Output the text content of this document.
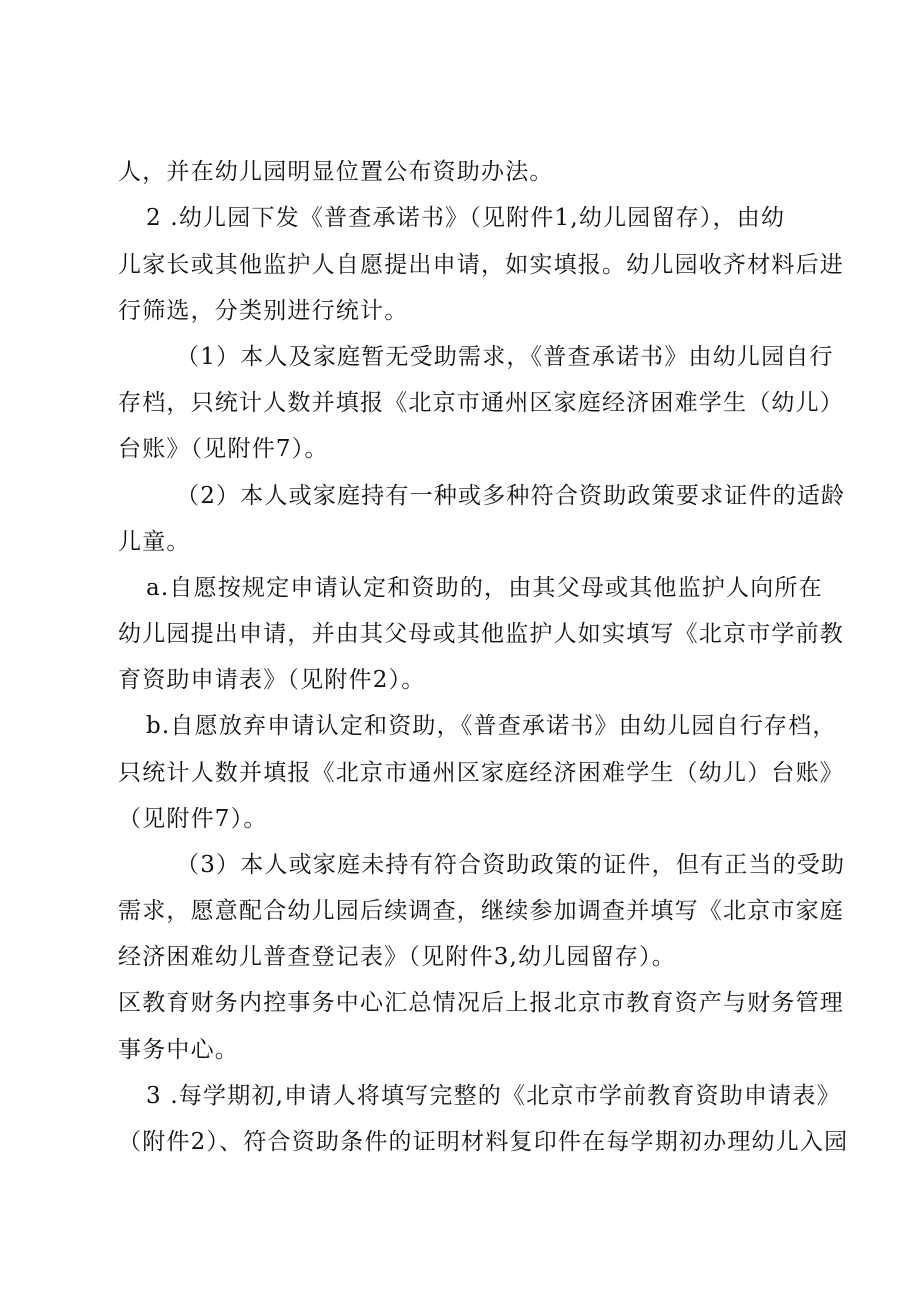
人，并在幼儿园明显位置公布资助办法。
2 .幼儿园下发《普查承诺书》（见附件1,幼儿园留存），由幼
儿家长或其他监护人自愿提出申请，如实填报。幼儿园收齐材料后进
行筛选，分类别进行统计。
（1）本人及家庭暂无受助需求，《普查承诺书》由幼儿园自行
存档，只统计人数并填报《北京市通州区家庭经济困难学生（幼儿）
台账》（见附件7）。
（2）本人或家庭持有一种或多种符合资助政策要求证件的适龄
儿童。
a.自愿按规定申请认定和资助的，由其父母或其他监护人向所在
幼儿园提出申请，并由其父母或其他监护人如实填写《北京市学前教
育资助申请表》（见附件2）。
b.自愿放弃申请认定和资助，《普查承诺书》由幼儿园自行存档，
只统计人数并填报《北京市通州区家庭经济困难学生（幼儿）台账》
（见附件7）。
（3）本人或家庭未持有符合资助政策的证件，但有正当的受助
需求，愿意配合幼儿园后续调查，继续参加调查并填写《北京市家庭
经济困难幼儿普查登记表》（见附件3,幼儿园留存）。
区教育财务内控事务中心汇总情况后上报北京市教育资产与财务管理
事务中心。
3 .每学期初,申请人将填写完整的《北京市学前教育资助申请表》
（附件2）、符合资助条件的证明材料复印件在每学期初办理幼儿入园
